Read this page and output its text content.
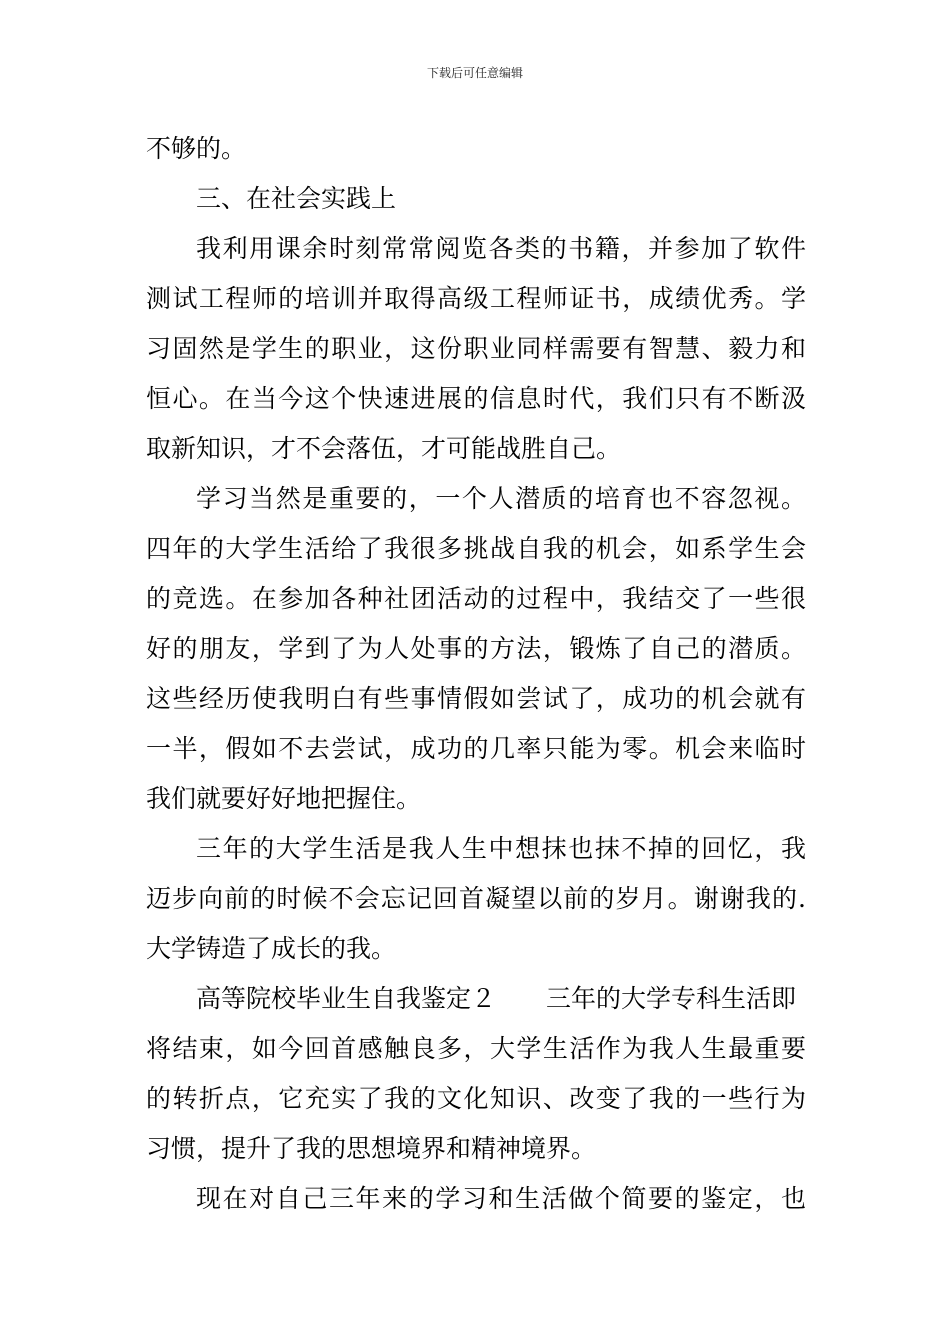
下载后可任意编辑
不够的。
三、在社会实践上
我利用课余时刻常常阅览各类的书籍，并参加了软件
测试工程师的培训并取得高级工程师证书，成绩优秀。学
习固然是学生的职业，这份职业同样需要有智慧、毅力和
恒心。在当今这个快速进展的信息时代，我们只有不断汲
取新知识，才不会落伍，才可能战胜自己。
学习当然是重要的，一个人潜质的培育也不容忽视。
四年的大学生活给了我很多挑战自我的机会，如系学生会
的竞选。在参加各种社团活动的过程中，我结交了一些很
好的朋友，学到了为人处事的方法，锻炼了自己的潜质。
这些经历使我明白有些事情假如尝试了，成功的机会就有
一半，假如不去尝试，成功的几率只能为零。机会来临时
我们就要好好地把握住。
三年的大学生活是我人生中想抹也抹不掉的回忆，我
迈步向前的时候不会忘记回首凝望以前的岁月。谢谢我的.
大学铸造了成长的我。
高等院校毕业生自我鉴定２ 三年的大学专科生活即
将结束，如今回首感触良多，大学生活作为我人生最重要
的转折点，它充实了我的文化知识、改变了我的一些行为
习惯，提升了我的思想境界和精神境界。
现在对自己三年来的学习和生活做个简要的鉴定，也
